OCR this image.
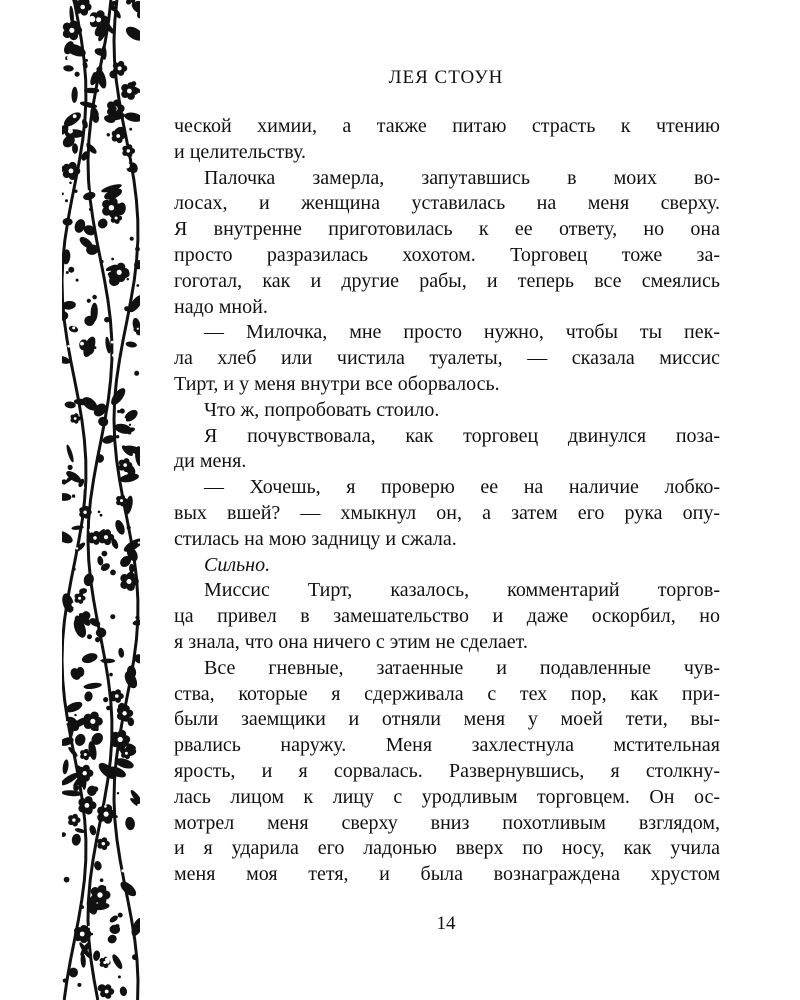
ЛЕЯ СТОУН
ческой химии, а также питаю страсть к чтению
и целительству.
Палочка замерла, запутавшись в моих во-
лосах, и женщина уставилась на меня сверху.
Я внутренне приготовилась к ее ответу, но она
просто разразилась хохотом. Торговец тоже за-
гоготал, как и другие рабы, и теперь все смеялись
надо мной.
— Милочка, мне просто нужно, чтобы ты пек-
ла хлеб или чистила туалеты, — сказала миссис
Тирт, и у меня внутри все оборвалось.
Что ж, попробовать стоило.
Я почувствовала, как торговец двинулся поза-
ди меня.
— Хочешь, я проверю ее на наличие лобко-
вых вшей? — хмыкнул он, а затем его рука опу-
стилась на мою задницу и сжала.
Сильно.
Миссис Тирт, казалось, комментарий торгов-
ца привел в замешательство и даже оскорбил, но
я знала, что она ничего с этим не сделает.
Все гневные, затаенные и подавленные чув-
ства, которые я сдерживала с тех пор, как при-
были заемщики и отняли меня у моей тети, вы-
рвались наружу. Меня захлестнула мстительная
ярость, и я сорвалась. Развернувшись, я столкну-
лась лицом к лицу с уродливым торговцем. Он ос-
мотрел меня сверху вниз похотливым взглядом,
и я ударила его ладонью вверх по носу, как учила
меня моя тетя, и была вознаграждена хрустом
14
